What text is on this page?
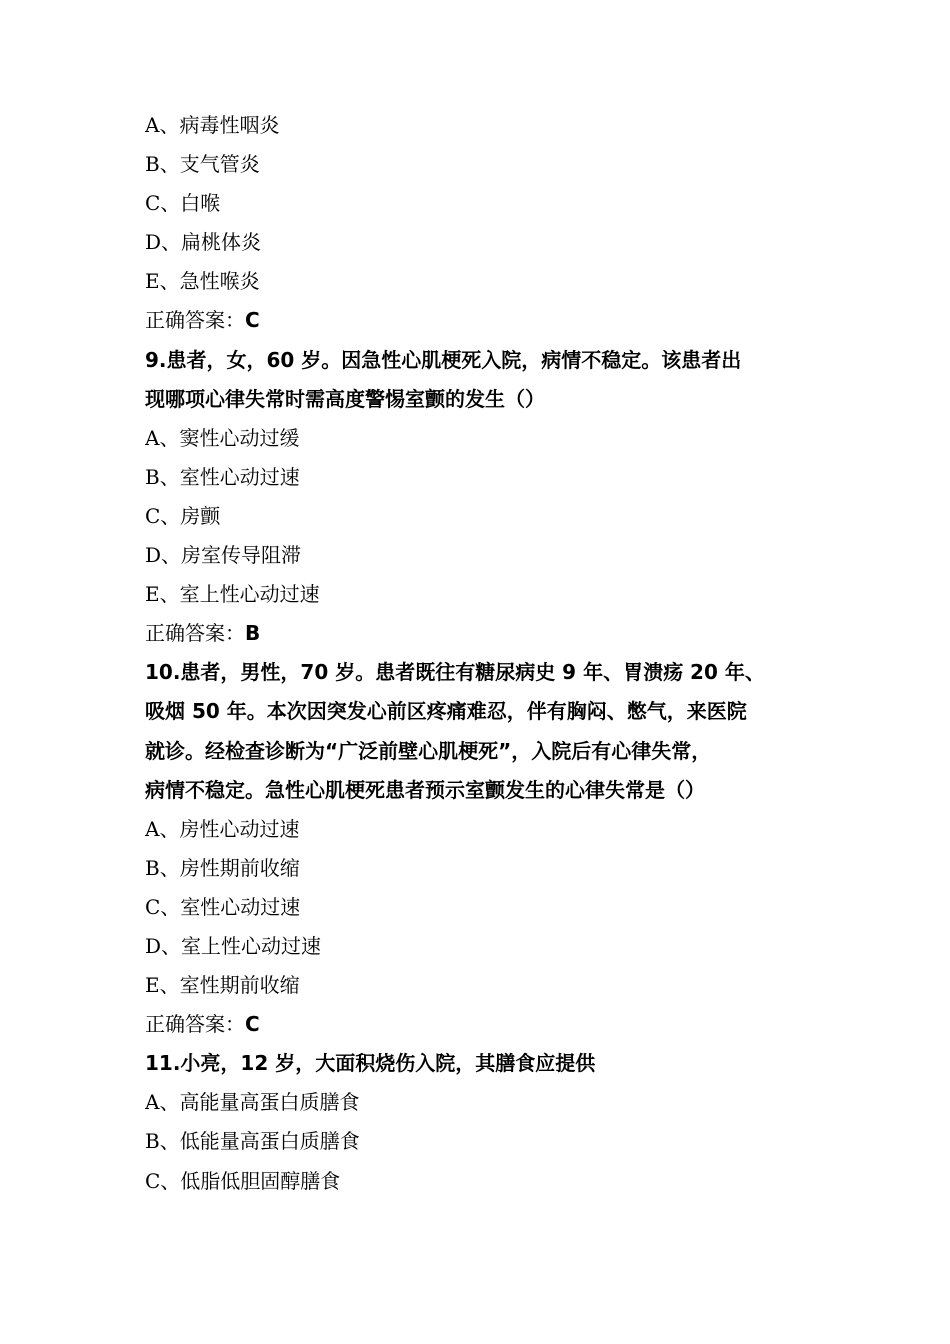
A、病毒性咽炎
B、支气管炎
C、白喉
D、扁桃体炎
E、急性喉炎
正确答案：C
9.患者，女，60 岁。因急性心肌梗死入院，病情不稳定。该患者出
现哪项心律失常时需高度警惕室颤的发生（）
A、窦性心动过缓
B、室性心动过速
C、房颤
D、房室传导阻滞
E、室上性心动过速
正确答案：B
10.患者，男性，70 岁。患者既往有糖尿病史 9 年、胃溃疡 20 年、
吸烟 50 年。本次因突发心前区疼痛难忍，伴有胸闷、憋气，来医院
就诊。经检查诊断为“广泛前壁心肌梗死”，入院后有心律失常，
病情不稳定。急性心肌梗死患者预示室颤发生的心律失常是（）
A、房性心动过速
B、房性期前收缩
C、室性心动过速
D、室上性心动过速
E、室性期前收缩
正确答案：C
11.小亮，12 岁，大面积烧伤入院，其膳食应提供
A、高能量高蛋白质膳食
B、低能量高蛋白质膳食
C、低脂低胆固醇膳食
